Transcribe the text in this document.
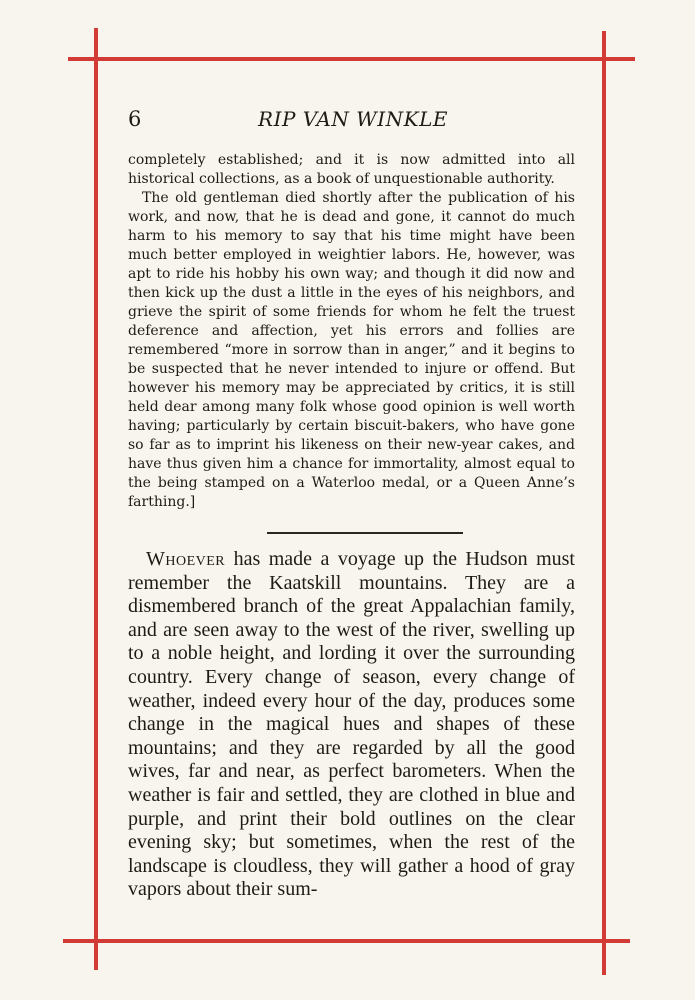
6	RIP VAN WINKLE

completely established; and it is now admitted into all historical collections, as a book of unquestionable authority.

The old gentleman died shortly after the publication of his work, and now, that he is dead and gone, it cannot do much harm to his memory to say that his time might have been much better employed in weightier labors. He, however, was apt to ride his hobby his own way; and though it did now and then kick up the dust a little in the eyes of his neighbors, and grieve the spirit of some friends for whom he felt the truest deference and affection, yet his errors and follies are remembered “more in sorrow than in anger,” and it begins to be suspected that he never intended to injure or offend. But however his memory may be appreciated by critics, it is still held dear among many folk whose good opinion is well worth having; particularly by certain biscuit-bakers, who have gone so far as to imprint his likeness on their new-year cakes, and have thus given him a chance for immortality, almost equal to the being stamped on a Waterloo medal, or a Queen Anne’s farthing.]

Whoever has made a voyage up the Hudson must remember the Kaatskill mountains. They are a dismembered branch of the great Appalachian family, and are seen away to the west of the river, swelling up to a noble height, and lording it over the surrounding country. Every change of season, every change of weather, indeed every hour of the day, produces some change in the magical hues and shapes of these mountains; and they are regarded by all the good wives, far and near, as perfect barometers. When the weather is fair and settled, they are clothed in blue and purple, and print their bold outlines on the clear evening sky; but sometimes, when the rest of the landscape is cloudless, they will gather a hood of gray vapors about their sum-
